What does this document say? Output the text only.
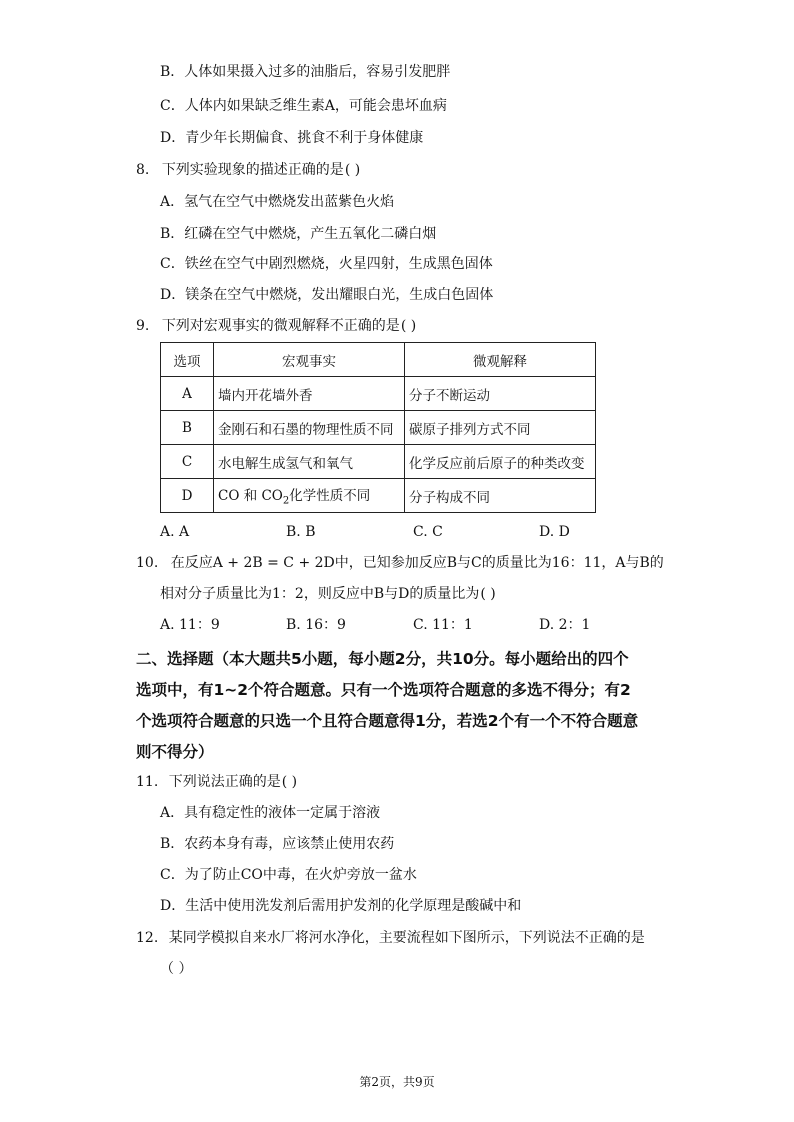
B．人体如果摄入过多的油脂后，容易引发肥胖
C．人体内如果缺乏维生素A，可能会患坏血病
D．青少年长期偏食、挑食不利于身体健康
8. 下列实验现象的描述正确的是( )
A．氢气在空气中燃烧发出蓝紫色火焰
B．红磷在空气中燃烧，产生五氧化二磷白烟
C．铁丝在空气中剧烈燃烧，火星四射，生成黑色固体
D．镁条在空气中燃烧，发出耀眼白光，生成白色固体
9. 下列对宏观事实的微观解释不正确的是( )
选项	宏观事实	微观解释
A	墙内开花墙外香	分子不断运动
B	金刚石和石墨的物理性质不同	碳原子排列方式不同
C	水电解生成氢气和氧气	化学反应前后原子的种类改变
D	CO 和 $CO_2$化学性质不同	分子构成不同
A. A	B. B	C. C	D. D
10. 在反应A + 2B = C + 2D中，已知参加反应B与C的质量比为16：11，A与B的
相对分子质量比为1：2，则反应中B与D的质量比为( )
A. 11：9	B. 16：9	C. 11：1	D. 2：1
二、选择题（本大题共5小题，每小题2分，共10分。每小题给出的四个
选项中，有1~2个符合题意。只有一个选项符合题意的多选不得分；有2
个选项符合题意的只选一个且符合题意得1分，若选2个有一个不符合题意
则不得分）
11. 下列说法正确的是( )
A．具有稳定性的液体一定属于溶液
B．农药本身有毒，应该禁止使用农药
C．为了防止CO中毒，在火炉旁放一盆水
D．生活中使用洗发剂后需用护发剂的化学原理是酸碱中和
12. 某同学模拟自来水厂将河水净化，主要流程如下图所示，下列说法不正确的是
（ ）
第2页，共9页
